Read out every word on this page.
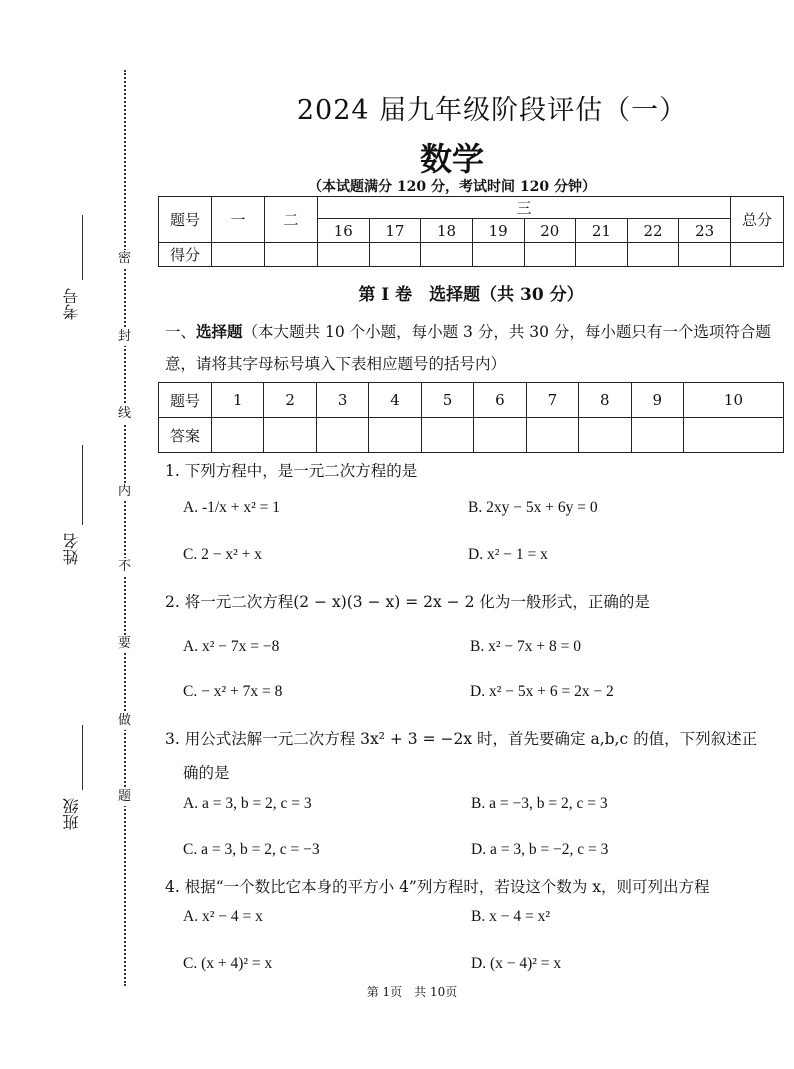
密
封
线
内
不
要
做
题
考号
姓名
班级
2024 届九年级阶段评估（一）
数学
（本试题满分 120 分，考试时间 120 分钟）
题号	一	二	三								总分
			16	17	18	19	20	21	22	23	
得分											
第 I 卷　选择题（共 30 分）
一、选择题（本大题共 10 个小题，每小题 3 分，共 30 分，每小题只有一个选项符合题意，请将其字母标号填入下表相应题号的括号内）
题号	1	2	3	4	5	6	7	8	9	10
答案										
1. 下列方程中，是一元二次方程的是
A. -1/x + x² = 1	B. 2xy − 5x + 6y = 0
C. 2 − x² + x	D. x² − 1 = x
2. 将一元二次方程(2 − x)(3 − x) = 2x − 2 化为一般形式，正确的是
A. x² − 7x = −8	B. x² − 7x + 8 = 0
C. − x² + 7x = 8	D. x² − 5x + 6 = 2x − 2
3. 用公式法解一元二次方程 3x² + 3 = −2x 时，首先要确定 a,b,c 的值，下列叙述正
确的是
A. a = 3, b = 2, c = 3	B. a = −3, b = 2, c = 3
C. a = 3, b = 2, c = −3	D. a = 3, b = −2, c = 3
4. 根据“一个数比它本身的平方小 4”列方程时，若设这个数为 x，则可列出方程
A. x² − 4 = x	B. x − 4 = x²
C. (x + 4)² = x	D. (x − 4)² = x
第 1页　共 10页
